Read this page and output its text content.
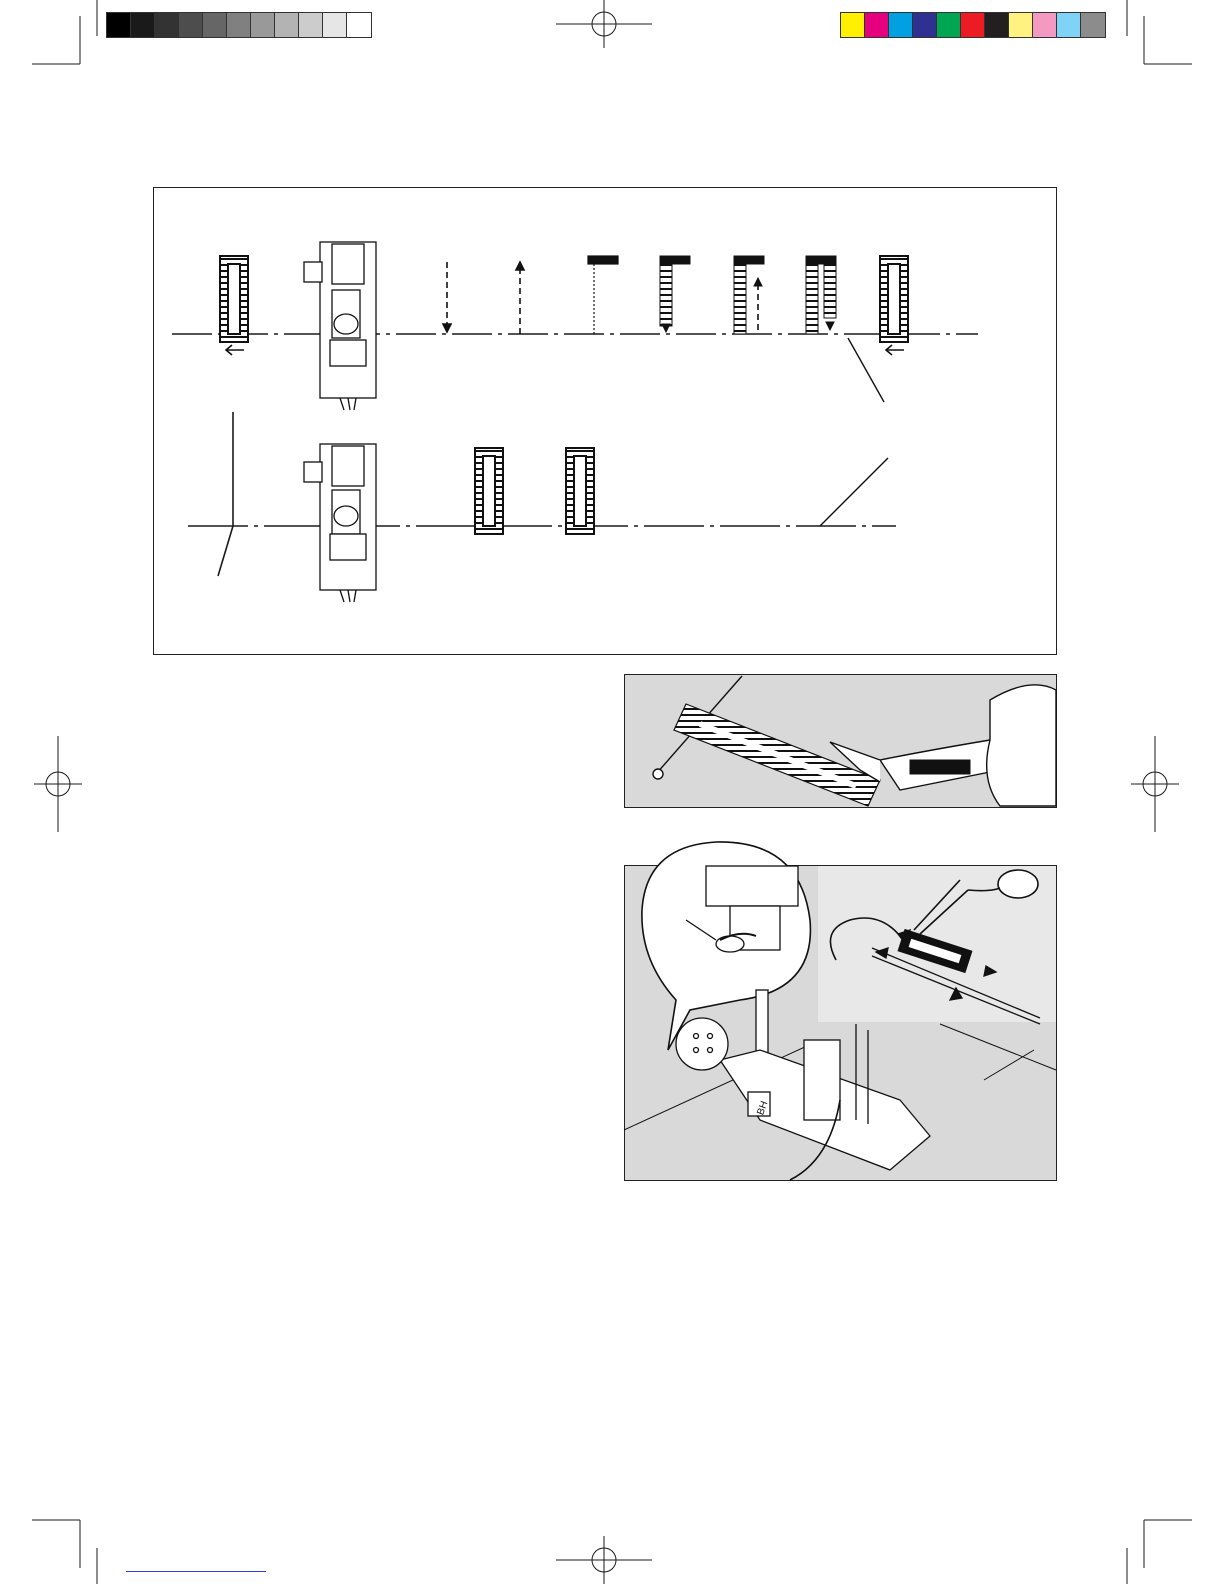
BH
